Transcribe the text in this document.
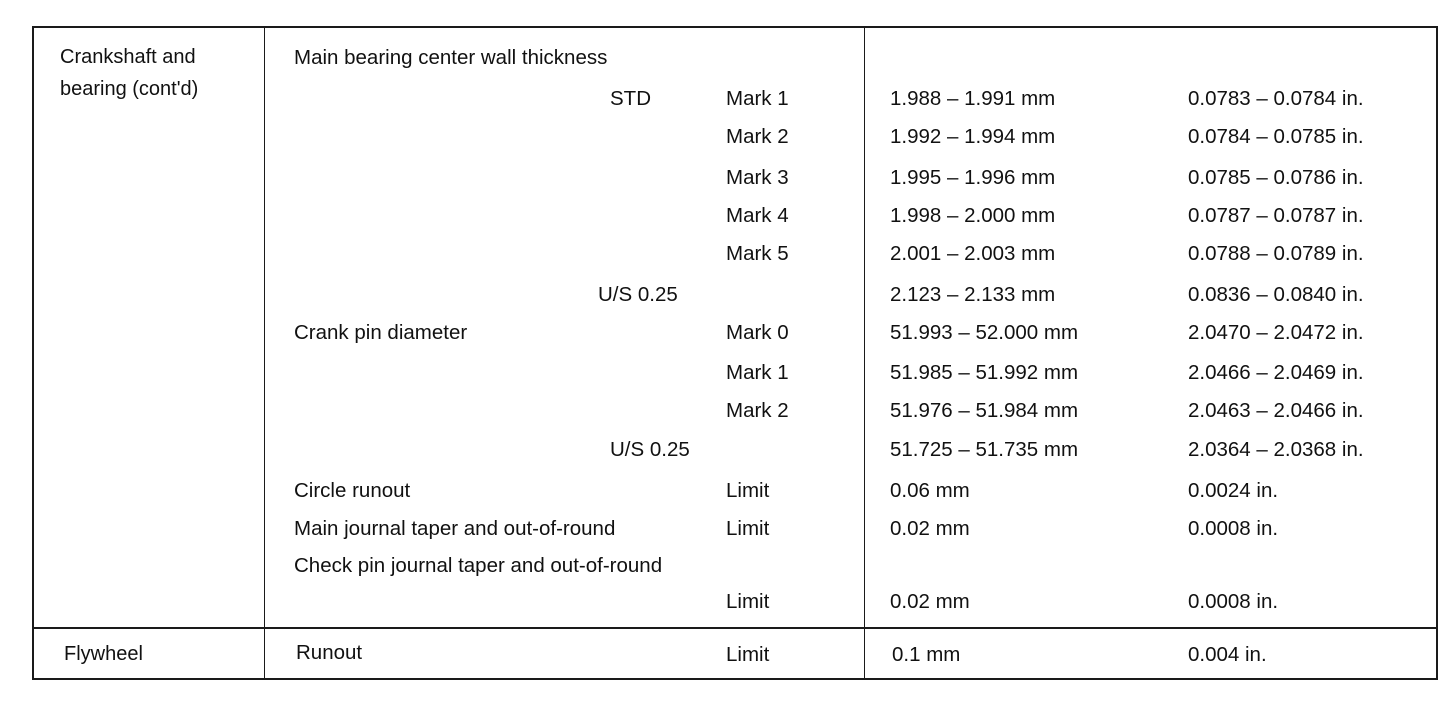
Crankshaft and
bearing (cont'd)
Main bearing center wall thickness
STD	Mark 1	1.988 – 1.991 mm	0.0783 – 0.0784 in.
Mark 2	1.992 – 1.994 mm	0.0784 – 0.0785 in.
Mark 3	1.995 – 1.996 mm	0.0785 – 0.0786 in.
Mark 4	1.998 – 2.000 mm	0.0787 – 0.0787 in.
Mark 5	2.001 – 2.003 mm	0.0788 – 0.0789 in.
U/S 0.25	2.123 – 2.133 mm	0.0836 – 0.0840 in.
Crank pin diameter	Mark 0	51.993 – 52.000 mm	2.0470 – 2.0472 in.
Mark 1	51.985 – 51.992 mm	2.0466 – 2.0469 in.
Mark 2	51.976 – 51.984 mm	2.0463 – 2.0466 in.
U/S 0.25	51.725 – 51.735 mm	2.0364 – 2.0368 in.
Circle runout	Limit	0.06 mm	0.0024 in.
Main journal taper and out-of-round	Limit	0.02 mm	0.0008 in.
Check pin journal taper and out-of-round
Limit	0.02 mm	0.0008 in.
Flywheel	Runout	Limit	0.1 mm	0.004 in.
